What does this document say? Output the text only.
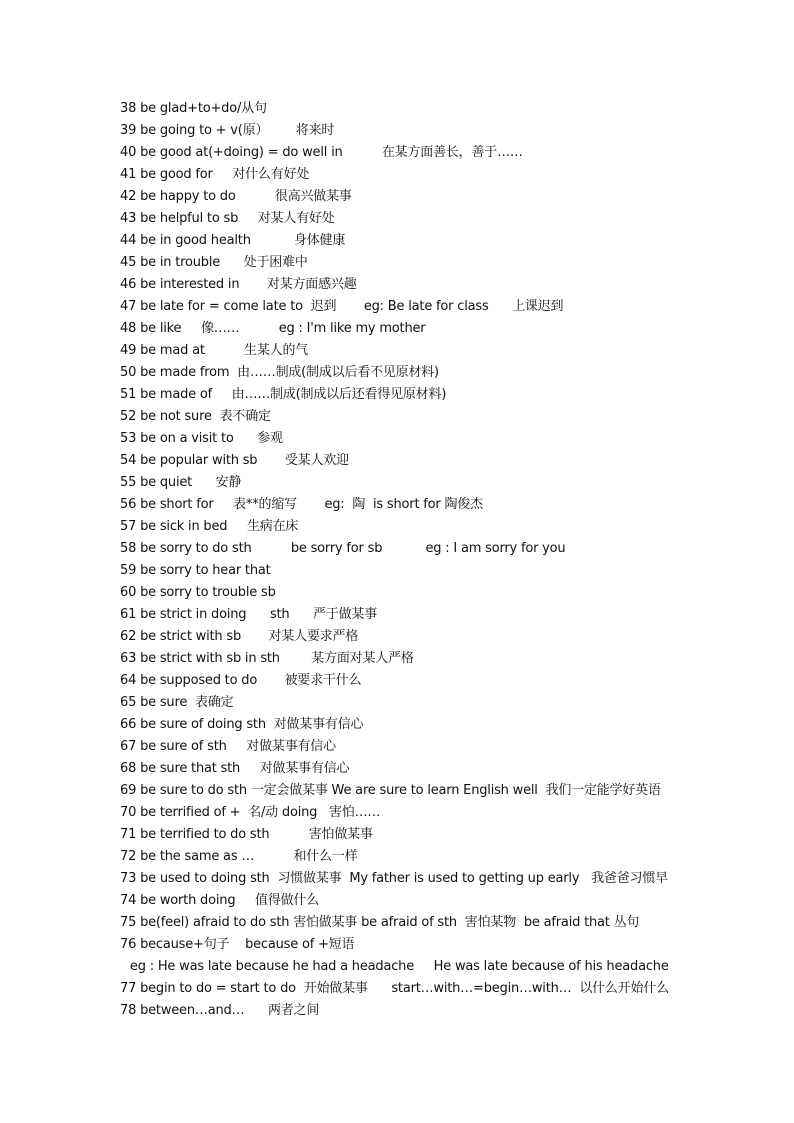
38 be glad+to+do/从句
39 be going to + v(原）       将来时
40 be good at(+doing) = do well in          在某方面善长，善于……
41 be good for     对什么有好处
42 be happy to do          很高兴做某事
43 be helpful to sb     对某人有好处
44 be in good health           身体健康
45 be in trouble      处于困难中
46 be interested in       对某方面感兴趣
47 be late for = come late to  迟到       eg: Be late for class      上课迟到
48 be like     像……          eg : I'm like my mother
49 be mad at          生某人的气
50 be made from  由……制成(制成以后看不见原材料)
51 be made of     由……制成(制成以后还看得见原材料)
52 be not sure  表不确定
53 be on a visit to      参观
54 be popular with sb       受某人欢迎
55 be quiet      安静
56 be short for     表**的缩写       eg:  陶  is short for 陶俊杰
57 be sick in bed     生病在床
58 be sorry to do sth          be sorry for sb           eg : I am sorry for you
59 be sorry to hear that
60 be sorry to trouble sb
61 be strict in doing      sth      严于做某事
62 be strict with sb       对某人要求严格
63 be strict with sb in sth        某方面对某人严格
64 be supposed to do       被要求干什么
65 be sure  表确定
66 be sure of doing sth  对做某事有信心
67 be sure of sth     对做某事有信心
68 be sure that sth     对做某事有信心
69 be sure to do sth 一定会做某事 We are sure to learn English well  我们一定能学好英语
70 be terrified of +  名/动 doing   害怕……
71 be terrified to do sth          害怕做某事
72 be the same as …          和什么一样
73 be used to doing sth  习惯做某事  My father is used to getting up early   我爸爸习惯早
74 be worth doing     值得做什么
75 be(feel) afraid to do sth 害怕做某事 be afraid of sth  害怕某物  be afraid that 丛句
76 because+句子    because of +短语
eg : He was late because he had a headache     He was late because of his headache
77 begin to do = start to do  开始做某事      start…with…=begin…with…  以什么开始什么
78 between…and…      两者之间
